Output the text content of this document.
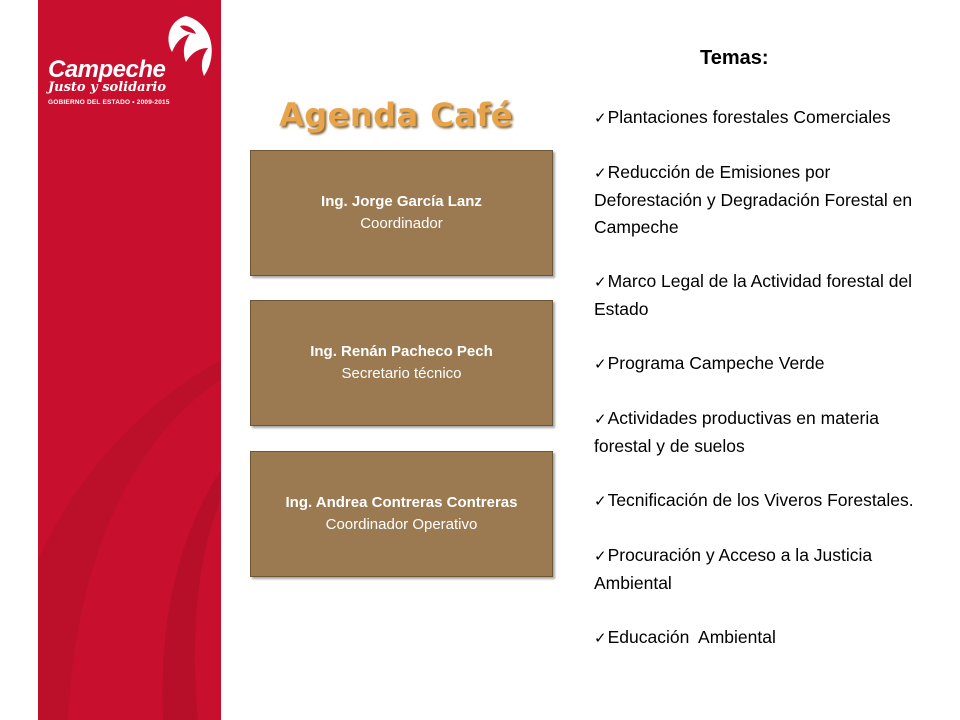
Campeche
Justo y solidario
GOBIERNO DEL ESTADO • 2009-2015	Agenda Café
Ing. Jorge García Lanz
Coordinador
Ing. Renán Pacheco Pech
Secretario técnico
Ing. Andrea Contreras Contreras
Coordinador Operativo
Temas:
✓Plantaciones forestales Comerciales
✓Reducción de Emisiones por Deforestación y Degradación Forestal en Campeche
✓Marco Legal de la Actividad forestal del Estado
✓Programa Campeche Verde
✓Actividades productivas en materia forestal y de suelos
✓Tecnificación de los Viveros Forestales.
✓Procuración y Acceso a la Justicia Ambiental
✓Educación  Ambiental
